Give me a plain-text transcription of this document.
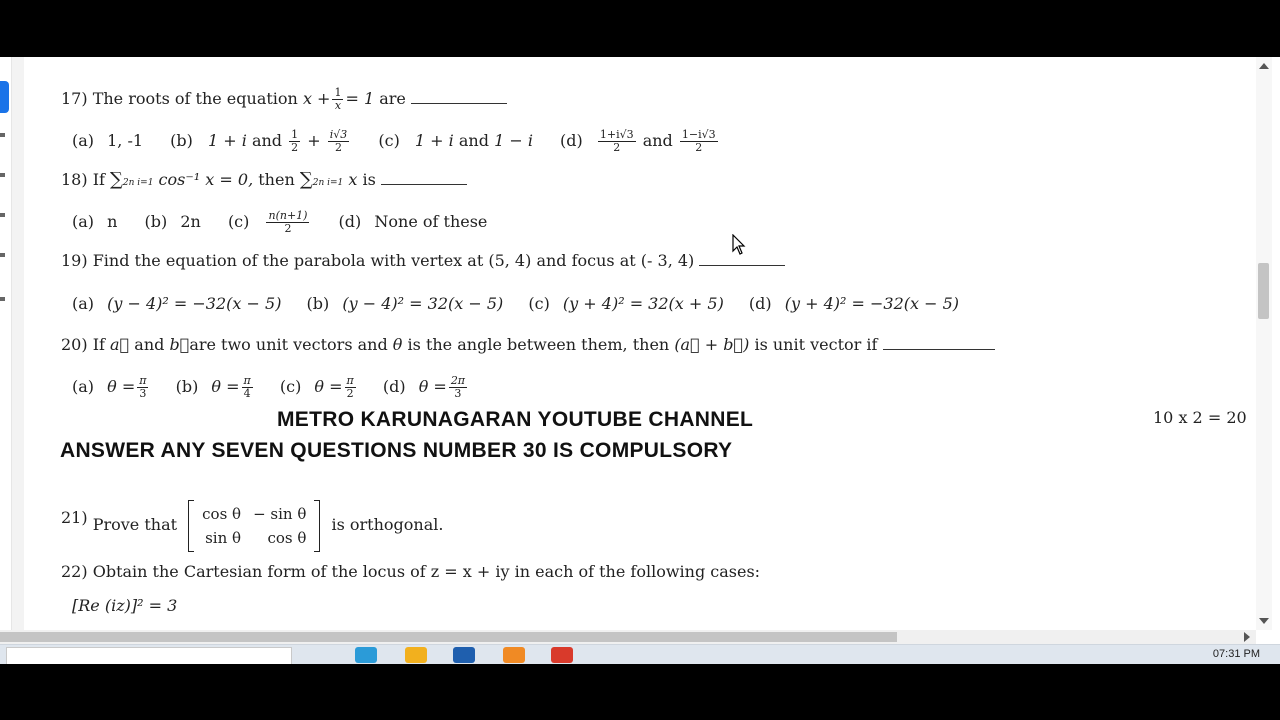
17) The roots of the equation $x + \frac{1}{x} = 1$ are
(a) 1, -1 (b) 1 + i and $\frac{1}{2} + \frac{i√3}{2} (c) 1 + i$ and 1 − i $(d) \frac{1+i√3}{2}$ and $\frac{1-i√3}{2}$
18) If ∑2n i=1 cos⁻¹ x = 0, then ∑2n i=1 x is
(a) n (b) 2n $(c) \frac{n(n+1)}{2} (d)$ None of these
19) Find the equation of the parabola with vertex at (5, 4) and focus at (- 3, 4)
(a) (y − 4)² = −32(x − 5) (b) (y − 4)² = 32(x − 5) (c) (y + 4)² = 32(x + 5) (d) (y + 4)² = −32(x − 5)
20) If a⃗ and b⃗are two unit vectors and θ is the angle between them, then (a⃗ + b⃗) is unit vector if
(a) $\theta = \frac{\pi}{3} (b) \theta = \frac{\pi}{4} (c) \theta = \frac{\pi}{2} (d) \theta = \frac{2\pi}{3}$
METRO KARUNAGARAN YOUTUBE CHANNEL	10 x 2 = 20
ANSWER ANY SEVEN QUESTIONS NUMBER 30 IS COMPULSORY
21) Prove that
cos θ	− sin θ
sin θ	cos θ
is orthogonal.
22) Obtain the Cartesian form of the locus of z = x + iy in each of the following cases:
[Re (iz)]² = 3
07:31 PM
